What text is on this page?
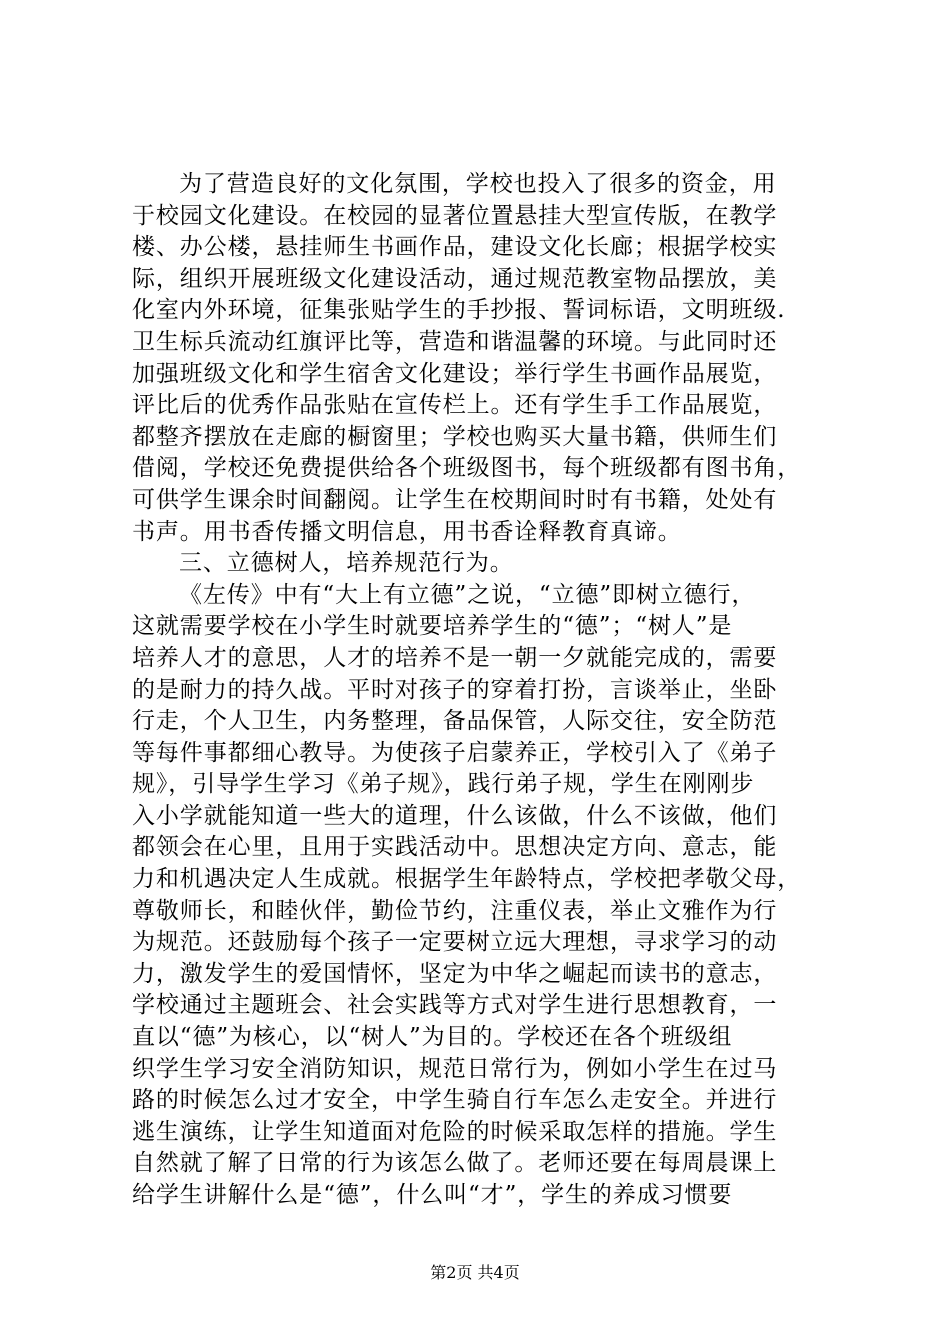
为了营造良好的文化氛围，学校也投入了很多的资金，用
于校园文化建设。在校园的显著位置悬挂大型宣传版，在教学
楼、办公楼，悬挂师生书画作品，建设文化长廊；根据学校实
际，组织开展班级文化建设活动，通过规范教室物品摆放，美
化室内外环境，征集张贴学生的手抄报、誓词标语，文明班级.
卫生标兵流动红旗评比等，营造和谐温馨的环境。与此同时还
加强班级文化和学生宿舍文化建设；举行学生书画作品展览，
评比后的优秀作品张贴在宣传栏上。还有学生手工作品展览，
都整齐摆放在走廊的橱窗里；学校也购买大量书籍，供师生们
借阅，学校还免费提供给各个班级图书，每个班级都有图书角，
可供学生课余时间翻阅。让学生在校期间时时有书籍，处处有
书声。用书香传播文明信息，用书香诠释教育真谛。
三、立德树人，培养规范行为。
《左传》中有“大上有立德”之说，“立德”即树立德行，
这就需要学校在小学生时就要培养学生的“德”；“树人”是
培养人才的意思，人才的培养不是一朝一夕就能完成的，需要
的是耐力的持久战。平时对孩子的穿着打扮，言谈举止，坐卧
行走，个人卫生，内务整理，备品保管，人际交往，安全防范
等每件事都细心教导。为使孩子启蒙养正，学校引入了《弟子
规》，引导学生学习《弟子规》，践行弟子规，学生在刚刚步
入小学就能知道一些大的道理，什么该做，什么不该做，他们
都领会在心里，且用于实践活动中。思想决定方向、意志，能
力和机遇决定人生成就。根据学生年龄特点，学校把孝敬父母，
尊敬师长，和睦伙伴，勤俭节约，注重仪表，举止文雅作为行
为规范。还鼓励每个孩子一定要树立远大理想，寻求学习的动
力，激发学生的爱国情怀，坚定为中华之崛起而读书的意志，
学校通过主题班会、社会实践等方式对学生进行思想教育，一
直以“德”为核心，以“树人”为目的。学校还在各个班级组
织学生学习安全消防知识，规范日常行为，例如小学生在过马
路的时候怎么过才安全，中学生骑自行车怎么走安全。并进行
逃生演练，让学生知道面对危险的时候采取怎样的措施。学生
自然就了解了日常的行为该怎么做了。老师还要在每周晨课上
给学生讲解什么是“德”，什么叫“才”，学生的养成习惯要
第2页 共4页
